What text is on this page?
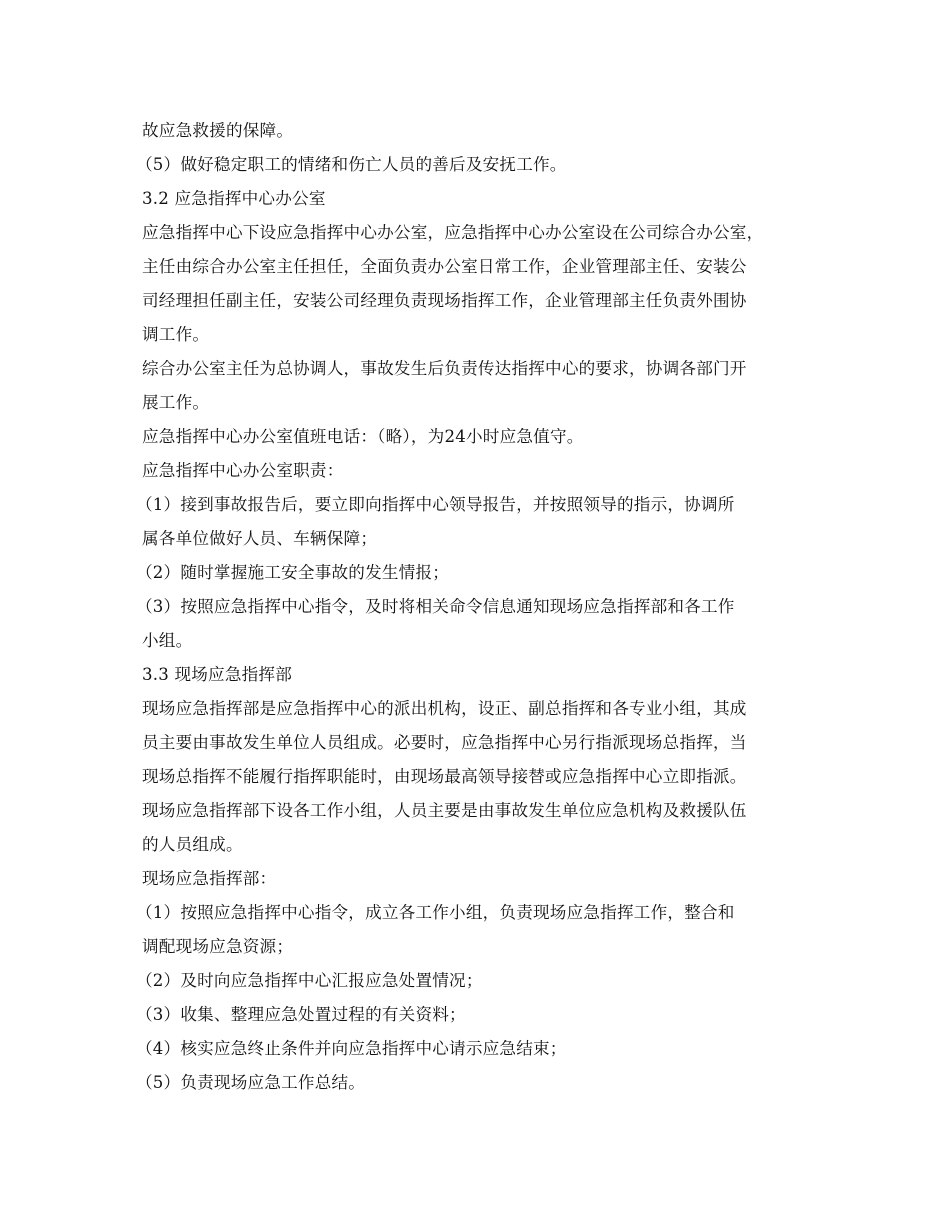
故应急救援的保障。
（5）做好稳定职工的情绪和伤亡人员的善后及安抚工作。
3.2 应急指挥中心办公室
应急指挥中心下设应急指挥中心办公室，应急指挥中心办公室设在公司综合办公室，
主任由综合办公室主任担任，全面负责办公室日常工作，企业管理部主任、安装公
司经理担任副主任，安装公司经理负责现场指挥工作，企业管理部主任负责外围协
调工作。
综合办公室主任为总协调人，事故发生后负责传达指挥中心的要求，协调各部门开
展工作。
应急指挥中心办公室值班电话：（略），为24小时应急值守。
应急指挥中心办公室职责：
（1）接到事故报告后，要立即向指挥中心领导报告，并按照领导的指示，协调所
属各单位做好人员、车辆保障；
（2）随时掌握施工安全事故的发生情报；
（3）按照应急指挥中心指令，及时将相关命令信息通知现场应急指挥部和各工作
小组。
3.3 现场应急指挥部
现场应急指挥部是应急指挥中心的派出机构，设正、副总指挥和各专业小组，其成
员主要由事故发生单位人员组成。必要时，应急指挥中心另行指派现场总指挥，当
现场总指挥不能履行指挥职能时，由现场最高领导接替或应急指挥中心立即指派。
现场应急指挥部下设各工作小组，人员主要是由事故发生单位应急机构及救援队伍
的人员组成。
现场应急指挥部：
（1）按照应急指挥中心指令，成立各工作小组，负责现场应急指挥工作，整合和
调配现场应急资源；
（2）及时向应急指挥中心汇报应急处置情况；
（3）收集、整理应急处置过程的有关资料；
（4）核实应急终止条件并向应急指挥中心请示应急结束；
（5）负责现场应急工作总结。
